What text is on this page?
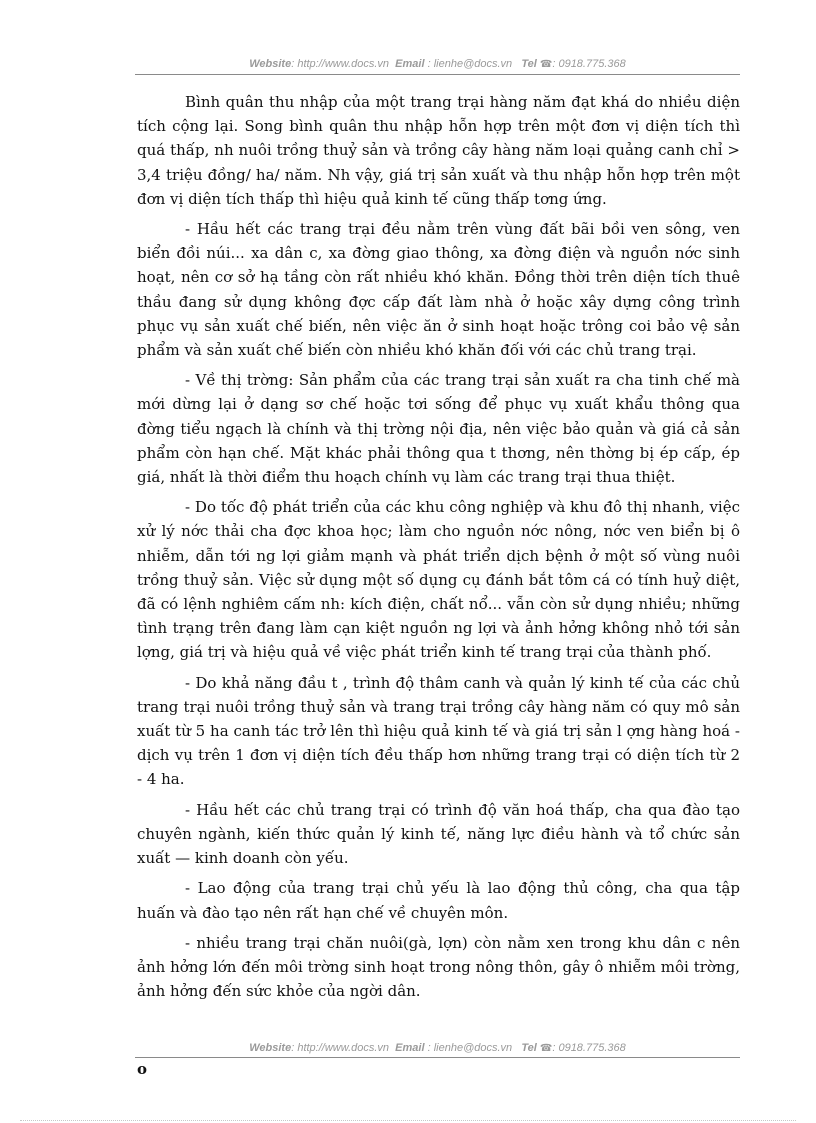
Website: http://www.docs.vn Email : lienhe@docs.vn Tel ☎: 0918.775.368

Bình quân thu nhập của một trang trại hàng năm đạt khá do nhiều diện tích cộng lại. Song bình quân thu nhập hỗn hợp trên một đơn vị diện tích thì quá thấp, nh nuôi trồng thuỷ sản và trồng cây hàng năm loại quảng canh chỉ > 3,4 triệu đồng/ ha/ năm. Nh vậy, giá trị sản xuất và thu nhập hỗn hợp trên một đơn vị diện tích thấp thì hiệu quả kinh tế cũng thấp tơng ứng.

- Hầu hết các trang trại đều nằm trên vùng đất bãi bồi ven sông, ven biển đồi núi... xa dân c, xa đờng giao thông, xa đờng điện và nguồn nớc sinh hoạt, nên cơ sở hạ tầng còn rất nhiều khó khăn. Đồng thời trên diện tích thuê thầu đang sử dụng không đợc cấp đất làm nhà ở hoặc xây dựng công trình phục vụ sản xuất chế biến, nên việc ăn ở sinh hoạt hoặc trông coi bảo vệ sản phẩm và sản xuất chế biến còn nhiều khó khăn đối với các chủ trang trại.

- Về thị trờng: Sản phẩm của các trang trại sản xuất ra cha tinh chế mà mới dừng lại ở dạng sơ chế hoặc tơi sống để phục vụ xuất khẩu thông qua đờng tiểu ngạch là chính và thị trờng nội địa, nên việc bảo quản và giá cả sản phẩm còn hạn chế. Mặt khác phải thông qua t thơng, nên thờng bị ép cấp, ép giá, nhất là thời điểm thu hoạch chính vụ làm các trang trại thua thiệt.

- Do tốc độ phát triển của các khu công nghiệp và khu đô thị nhanh, việc xử lý nớc thải cha đợc khoa học; làm cho nguồn nớc nông, nớc ven biển bị ô nhiễm, dẫn tới ng lợi giảm mạnh và phát triển dịch bệnh ở một số vùng nuôi trồng thuỷ sản. Việc sử dụng một số dụng cụ đánh bắt tôm cá có tính huỷ diệt, đã có lệnh nghiêm cấm nh: kích điện, chất nổ... vẫn còn sử dụng nhiều; những tình trạng trên đang làm cạn kiệt nguồn ng lợi và ảnh hởng không nhỏ tới sản lợng, giá trị và hiệu quả về việc phát triển kinh tế trang trại của thành phố.

- Do khả năng đầu t , trình độ thâm canh và quản lý kinh tế của các chủ trang trại nuôi trồng thuỷ sản và trang trại trồng cây hàng năm có quy mô sản xuất từ 5 ha canh tác trở lên thì hiệu quả kinh tế và giá trị sản l ợng hàng hoá - dịch vụ trên 1 đơn vị diện tích đều thấp hơn những trang trại có diện tích từ 2 - 4 ha.

- Hầu hết các chủ trang trại có trình độ văn hoá thấp, cha qua đào tạo chuyên ngành, kiến thức quản lý kinh tế, năng lực điều hành và tổ chức sản xuất — kinh doanh còn yếu.

- Lao động của trang trại chủ yếu là lao động thủ công, cha qua tập huấn và đào tạo nên rất hạn chế về chuyên môn.

- nhiều trang trại chăn nuôi(gà, lợn) còn nằm xen trong khu dân c nên ảnh hởng lớn đến môi trờng sinh hoạt trong nông thôn, gây ô nhiễm môi trờng, ảnh hởng đến sức khỏe của ngời dân.

Website: http://www.docs.vn Email : lienhe@docs.vn Tel ☎: 0918.775.368
o
